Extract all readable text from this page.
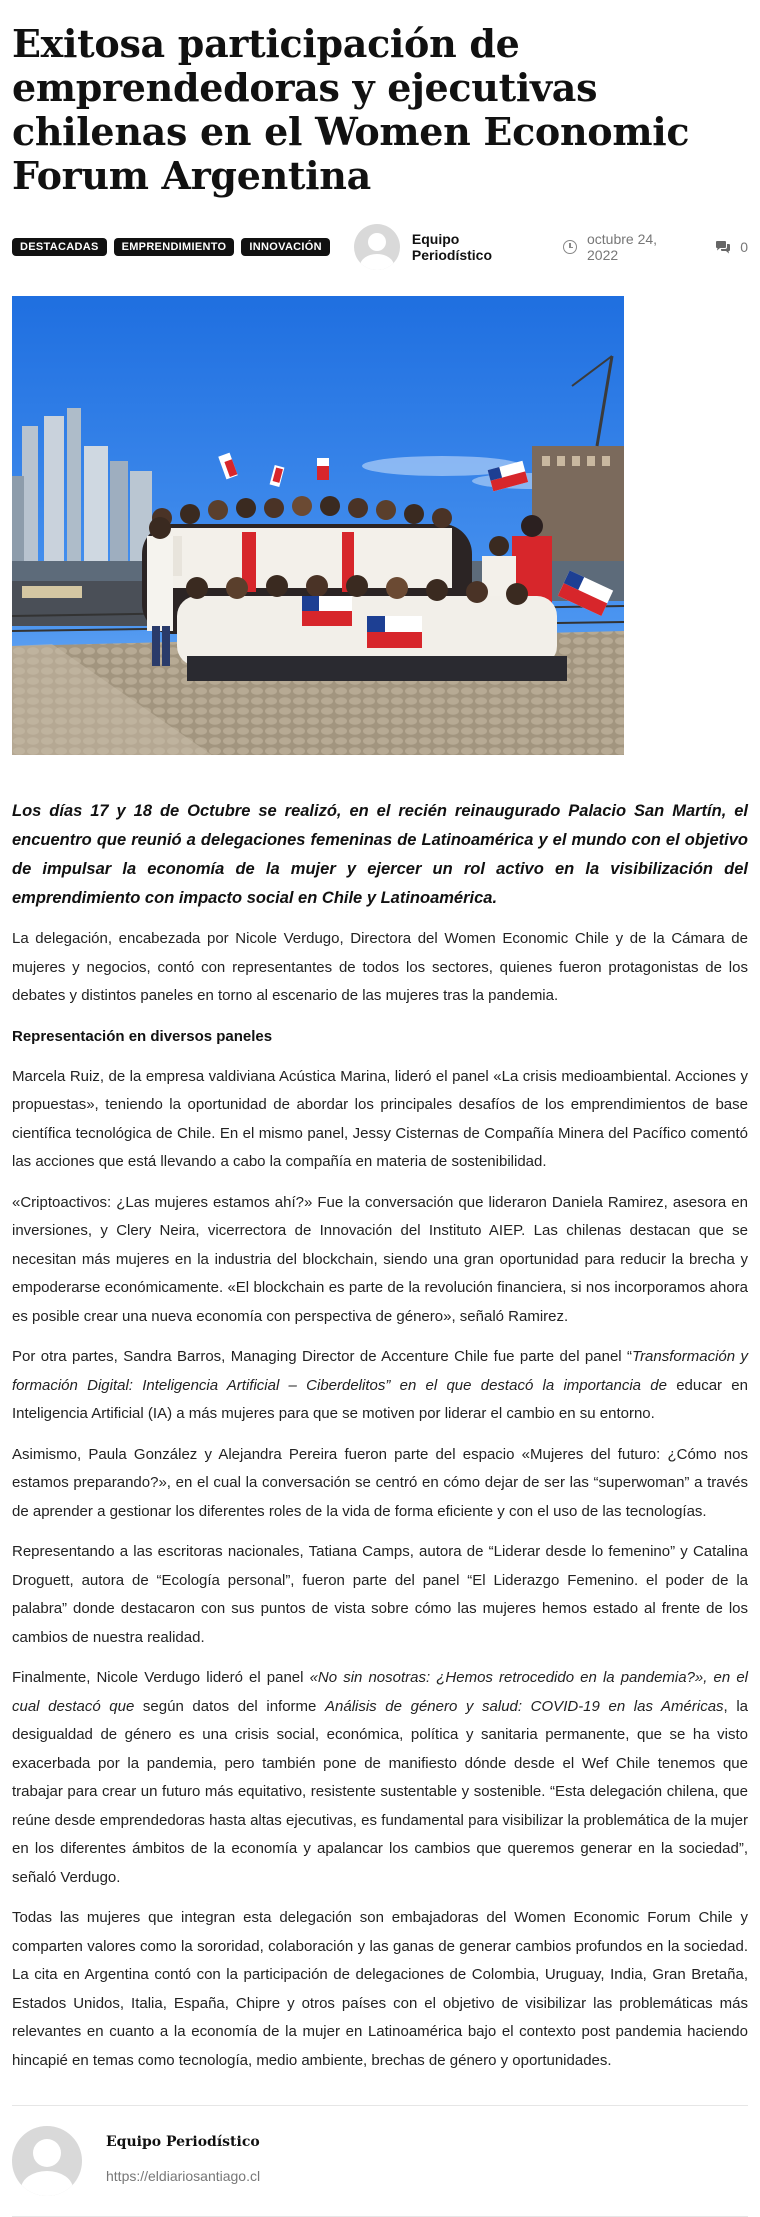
Exitosa participación de emprendedoras y ejecutivas chilenas en el Women Economic Forum Argentina
DESTACADAS	EMPRENDIMIENTO	INNOVACIÓN	Equipo Periodístico
octubre 24, 2022	0

Los días 17 y 18 de Octubre se realizó, en el recién reinaugurado Palacio San Martín, el encuentro que reunió a delegaciones femeninas de Latinoamérica y el mundo con el objetivo de impulsar la economía de la mujer y ejercer un rol activo en la visibilización del emprendimiento con impacto social en Chile y Latinoamérica.

La delegación, encabezada por Nicole Verdugo, Directora del Women Economic Chile y de la Cámara de mujeres y negocios, contó con representantes de todos los sectores, quienes fueron protagonistas de los debates y distintos paneles en torno al escenario de las mujeres tras la pandemia.

Representación en diversos paneles

Marcela Ruiz, de la empresa valdiviana Acústica Marina, lideró el panel «La crisis medioambiental. Acciones y propuestas», teniendo la oportunidad de abordar los principales desafíos de los emprendimientos de base científica tecnológica de Chile. En el mismo panel, Jessy Cisternas de Compañía Minera del Pacífico comentó las acciones que está llevando a cabo la compañía en materia de sostenibilidad.

«Criptoactivos: ¿Las mujeres estamos ahí?» Fue la conversación que lideraron Daniela Ramirez, asesora en inversiones, y Clery Neira, vicerrectora de Innovación del Instituto AIEP. Las chilenas destacan que se necesitan más mujeres en la industria del blockchain, siendo una gran oportunidad para reducir la brecha y empoderarse económicamente. «El blockchain es parte de la revolución financiera, si nos incorporamos ahora es posible crear una nueva economía con perspectiva de género», señaló Ramirez.

Por otra partes, Sandra Barros, Managing Director de Accenture Chile fue parte del panel “Transformación y formación Digital: Inteligencia Artificial – Ciberdelitos” en el que destacó la importancia de educar en Inteligencia Artificial (IA) a más mujeres para que se motiven por liderar el cambio en su entorno.

Asimismo, Paula González y Alejandra Pereira fueron parte del espacio «Mujeres del futuro: ¿Cómo nos estamos preparando?», en el cual la conversación se centró en cómo dejar de ser las “superwoman” a través de aprender a gestionar los diferentes roles de la vida de forma eficiente y con el uso de las tecnologías.

Representando a las escritoras nacionales, Tatiana Camps, autora de “Liderar desde lo femenino” y Catalina Droguett, autora de “Ecología personal”, fueron parte del panel “El Liderazgo Femenino. el poder de la palabra” donde destacaron con sus puntos de vista sobre cómo las mujeres hemos estado al frente de los cambios de nuestra realidad.

Finalmente, Nicole Verdugo lideró el panel «No sin nosotras: ¿Hemos retrocedido en la pandemia?», en el cual destacó que según datos del informe Análisis de género y salud: COVID-19 en las Américas, la desigualdad de género es una crisis social, económica, política y sanitaria permanente, que se ha visto exacerbada por la pandemia, pero también pone de manifiesto dónde desde el Wef Chile tenemos que trabajar para crear un futuro más equitativo, resistente sustentable y sostenible. “Esta delegación chilena, que reúne desde emprendedoras hasta altas ejecutivas, es fundamental para visibilizar la problemática de la mujer en los diferentes ámbitos de la economía y apalancar los cambios que queremos generar en la sociedad”, señaló Verdugo.

Todas las mujeres que integran esta delegación son embajadoras del Women Economic Forum Chile y comparten valores como la sororidad, colaboración y las ganas de generar cambios profundos en la sociedad. La cita en Argentina contó con la participación de delegaciones de Colombia, Uruguay, India, Gran Bretaña, Estados Unidos, Italia, España, Chipre y otros países con el objetivo de visibilizar las problemáticas más relevantes en cuanto a la economía de la mujer en Latinoamérica bajo el contexto post pandemia haciendo hincapié en temas como tecnología, medio ambiente, brechas de género y oportunidades.

Equipo Periodístico
https://eldiariosantiago.cl
